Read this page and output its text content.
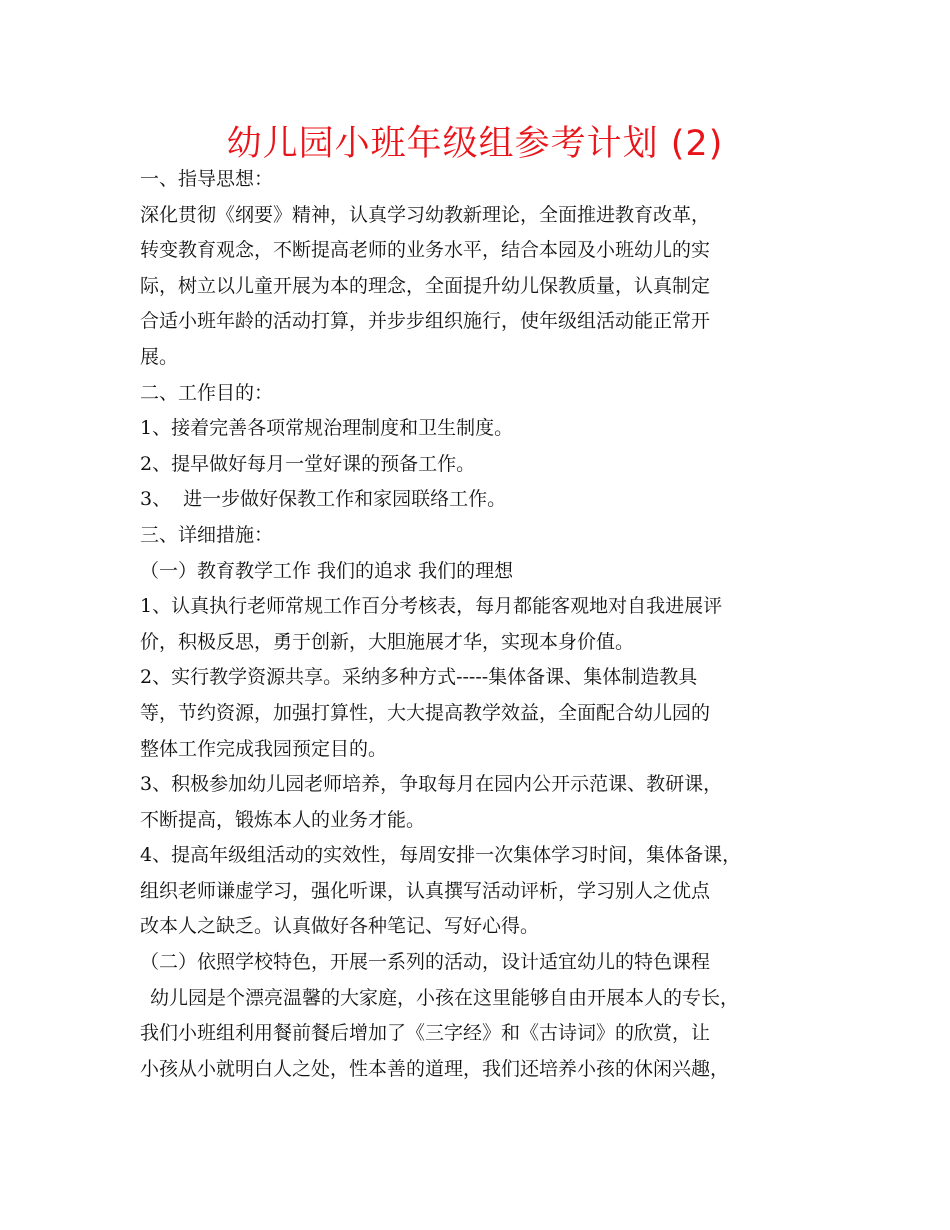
幼儿园小班年级组参考计划 (2)
一、指导思想：
深化贯彻《纲要》精神，认真学习幼教新理论，全面推进教育改革，
转变教育观念，不断提高老师的业务水平，结合本园及小班幼儿的实
际，树立以儿童开展为本的理念，全面提升幼儿保教质量，认真制定
合适小班年龄的活动打算，并步步组织施行，使年级组活动能正常开
展。
二、工作目的：
1、接着完善各项常规治理制度和卫生制度。
2、提早做好每月一堂好课的预备工作。
3、  进一步做好保教工作和家园联络工作。
三、详细措施：
（一）教育教学工作 我们的追求 我们的理想
1、认真执行老师常规工作百分考核表，每月都能客观地对自我进展评
价，积极反思，勇于创新，大胆施展才华，实现本身价值。
2、实行教学资源共享。采纳多种方式-----集体备课、集体制造教具
等，节约资源，加强打算性，大大提高教学效益，全面配合幼儿园的
整体工作完成我园预定目的。
3、积极参加幼儿园老师培养，争取每月在园内公开示范课、教研课，
不断提高，锻炼本人的业务才能。
4、提高年级组活动的实效性，每周安排一次集体学习时间，集体备课，
组织老师谦虚学习，强化听课，认真撰写活动评析，学习别人之优点
改本人之缺乏。认真做好各种笔记、写好心得。
（二）依照学校特色，开展一系列的活动，设计适宜幼儿的特色课程
幼儿园是个漂亮温馨的大家庭，小孩在这里能够自由开展本人的专长，
我们小班组利用餐前餐后增加了《三字经》和《古诗词》的欣赏，让
小孩从小就明白人之处，性本善的道理，我们还培养小孩的休闲兴趣，
